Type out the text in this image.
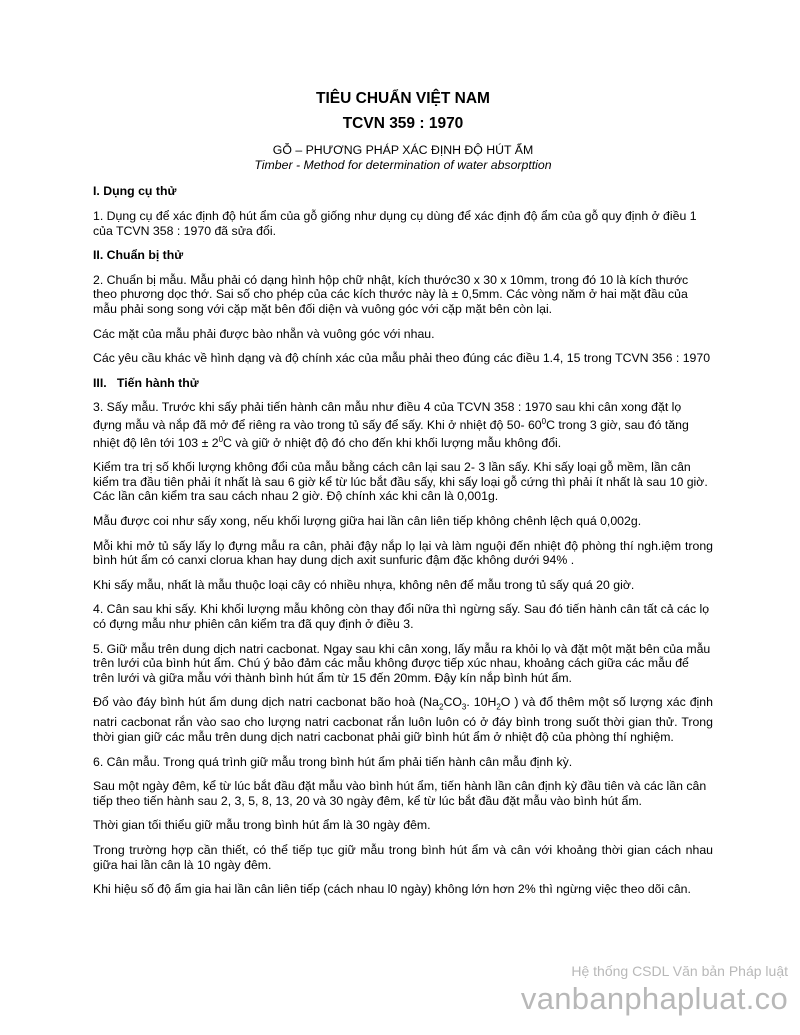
TIÊU CHUẨN VIỆT NAM
TCVN 359 : 1970
GỖ – PHƯƠNG PHÁP XÁC ĐỊNH ĐỘ HÚT ẨM
Timber - Method for determination of water absorpttion
I. Dụng cụ thử

1. Dụng cụ để xác định độ hút ẩm của gỗ giống như dụng cụ dùng để xác định độ ẩm của gỗ quy định ở điều 1 của TCVN 358 : 1970 đã sửa đổi.

II. Chuẩn bị thử

2. Chuẩn bị mẫu. Mẫu phải có dạng hình hộp chữ nhật, kích thước30 x 30 x 10mm, trong đó 10 là kích thước theo phương dọc thớ. Sai số cho phép của các kích thước này là ± 0,5mm. Các vòng năm ở hai mặt đầu của mẫu phải song song với cặp mặt bên đối diện và vuông góc với cặp mặt bên còn lại.

Các mặt của mẫu phải được bào nhẵn và vuông góc với nhau.

Các yêu cầu khác về hình dạng và độ chính xác của mẫu phải theo đúng các điều 1.4, 15 trong TCVN 356 : 1970

III.   Tiến hành thử

3. Sấy mẫu. Trước khi sấy phải tiến hành cân mẫu như điều 4 của TCVN 358 : 1970 sau khi cân xong đặt lọ đựng mẫu và nắp đã mở để riêng ra vào trong tủ sấy để sấy. Khi ở nhiệt độ 50- $60^0C$ trong 3 giờ, sau đó tăng nhiệt độ lên tới $103 \pm 2^0C$ và giữ ở nhiệt độ đó cho đến khi khối lượng mẫu không đổi.

Kiểm tra trị số khối lượng không đổi của mẫu bằng cách cân lại sau 2- 3 lần sấy. Khi sấy loại gỗ mềm, lần cân kiểm tra đầu tiên phải ít nhất là sau 6 giờ kể từ lúc bắt đầu sấy, khi sấy loại gỗ cứng thì phải ít nhất là sau 10 giờ. Các lần cân kiểm tra sau cách nhau 2 giờ. Độ chính xác khi cân là 0,001g.

Mẫu được coi như sấy xong, nếu khối lượng giữa hai lần cân liên tiếp không chênh lệch quá 0,002g.

Mỗi khi mở tủ sấy lấy lọ đựng mẫu ra cân, phải đậy nắp lọ lại và làm nguội đến nhiệt độ phòng thí ngh.iệm trong bình hút ẩm có canxi clorua khan hay dung dịch axit sunfuric đậm đặc không dưới 94% .

Khi sấy mẫu, nhất là mẫu thuộc loại cây có nhiều nhựa, không nên để mẫu trong tủ sấy quá 20 giờ.

4. Cân sau khi sấy. Khi khối lượng mẫu không còn thay đổi nữa thì ngừng sấy. Sau đó tiến hành cân tất cả các lọ có đựng mẫu như phiên cân kiểm tra đã quy định ở điều 3.

5. Giữ mẫu trên dung dịch natri cacbonat. Ngay sau khi cân xong, lấy mẫu ra khỏi lọ và đặt một mặt bên của mẫu trên lưới của bình hút ẩm. Chú ý bảo đảm các mẫu không được tiếp xúc nhau, khoảng cách giữa các mẫu để trên lưới và giữa mẫu với thành bình hút ẩm từ 15 đến 20mm. Đậy kín nắp bình hút ẩm.

Đổ vào đáy bình hút ẩm dung dịch natri cacbonat bão hoà ($Na_2CO_3$. $10H_2O$ ) và đổ thêm một số lượng xác định natri cacbonat rắn vào sao cho lượng natri cacbonat rắn luôn luôn có ở đáy bình trong suốt thời gian thử. Trong thời gian giữ các mẫu trên dung dịch natri cacbonat phải giữ bình hút ẩm ở nhiệt độ của phòng thí nghiệm.

6. Cân mẫu. Trong quá trình giữ mẫu trong bình hút ẩm phải tiến hành cân mẫu định kỳ.

Sau một ngày đêm, kể từ lúc bắt đầu đặt mẫu vào bình hút ẩm, tiến hành lần cân định kỳ đầu tiên và các lần cân tiếp theo tiến hành sau 2, 3, 5, 8, 13, 20 và 30 ngày đêm, kể từ lúc bắt đầu đặt mẫu vào bình hút ẩm.

Thời gian tối thiểu giữ mẫu trong bình hút ẩm là 30 ngày đêm.

Trong trường hợp cần thiết, có thể tiếp tục giữ mẫu trong bình hút ẩm và cân với khoảng thời gian cách nhau giữa hai lần cân là 10 ngày đêm.

Khi hiệu số độ ẩm gia hai lần cân liên tiếp (cách nhau l0 ngày) không lớn hơn 2% thì ngừng việc theo dõi cân.

Hệ thống CSDL Văn bản Pháp luật
vanbanphapluat.co
